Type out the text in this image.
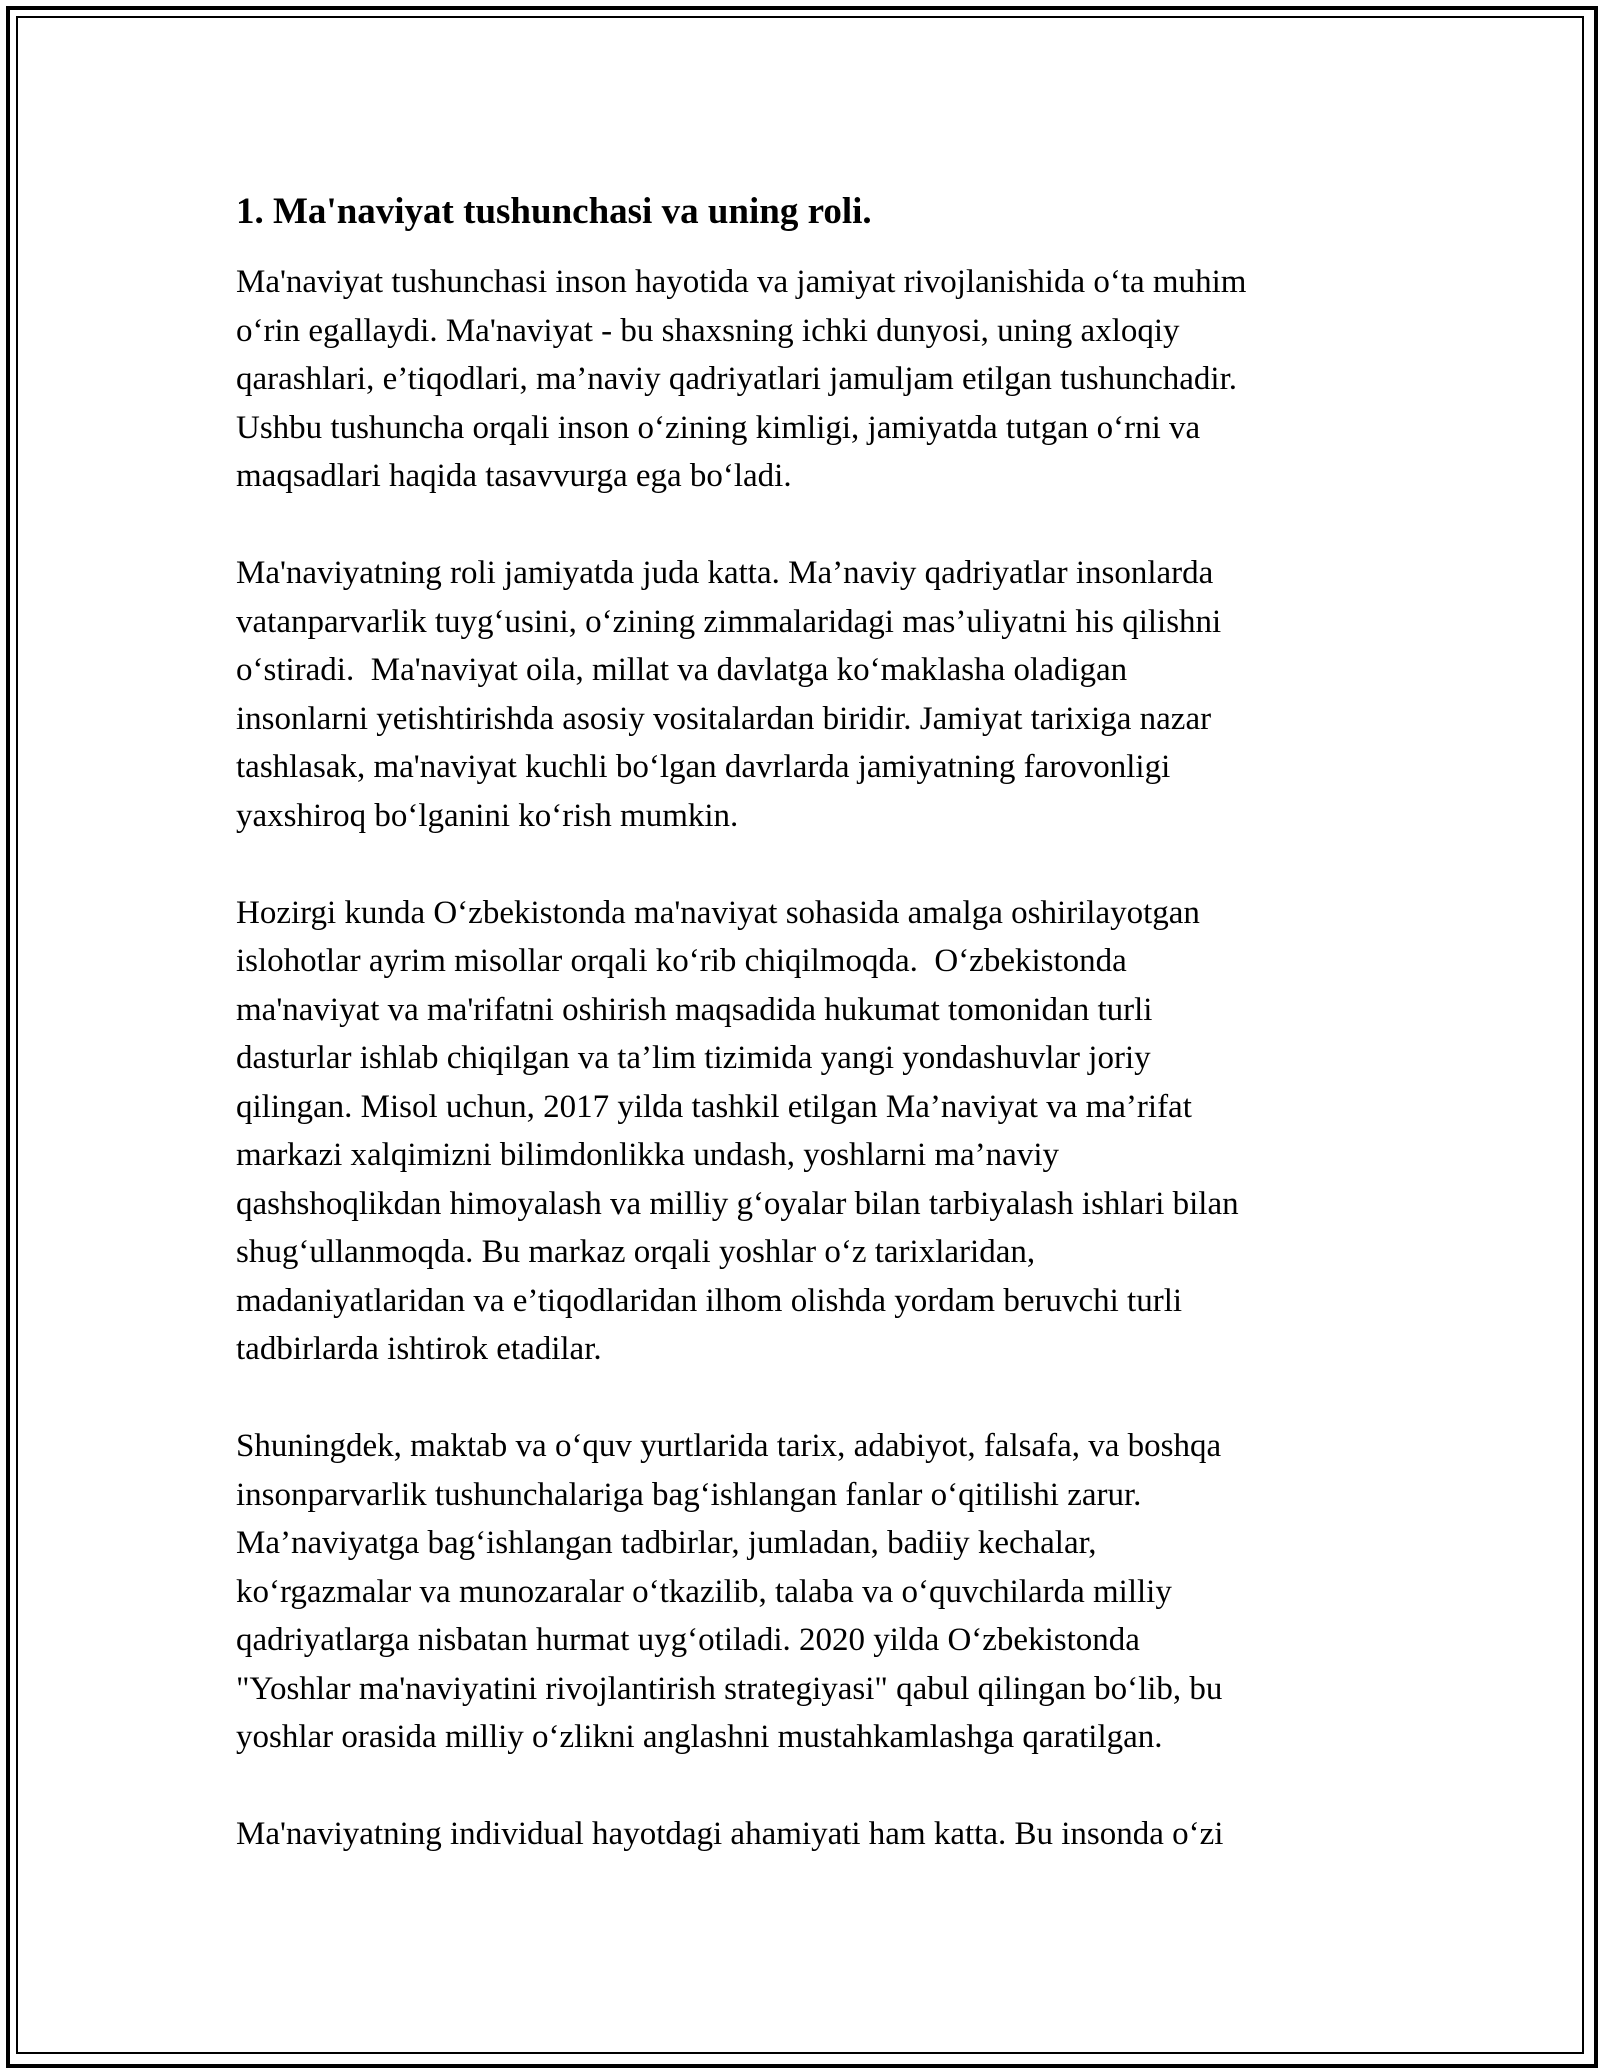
1. Ma'naviyat tushunchasi va uning roli.
Ma'naviyat tushunchasi inson hayotida va jamiyat rivojlanishida o‘ta muhim
o‘rin egallaydi. Ma'naviyat - bu shaxsning ichki dunyosi, uning axloqiy
qarashlari, e’tiqodlari, ma’naviy qadriyatlari jamuljam etilgan tushunchadir.
Ushbu tushuncha orqali inson o‘zining kimligi, jamiyatda tutgan o‘rni va
maqsadlari haqida tasavvurga ega bo‘ladi.
Ma'naviyatning roli jamiyatda juda katta. Ma’naviy qadriyatlar insonlarda
vatanparvarlik tuyg‘usini, o‘zining zimmalaridagi mas’uliyatni his qilishni
o‘stiradi.  Ma'naviyat oila, millat va davlatga ko‘maklasha oladigan
insonlarni yetishtirishda asosiy vositalardan biridir. Jamiyat tarixiga nazar
tashlasak, ma'naviyat kuchli bo‘lgan davrlarda jamiyatning farovonligi
yaxshiroq bo‘lganini ko‘rish mumkin.
Hozirgi kunda O‘zbekistonda ma'naviyat sohasida amalga oshirilayotgan
islohotlar ayrim misollar orqali ko‘rib chiqilmoqda.  O‘zbekistonda
ma'naviyat va ma'rifatni oshirish maqsadida hukumat tomonidan turli
dasturlar ishlab chiqilgan va ta’lim tizimida yangi yondashuvlar joriy
qilingan. Misol uchun, 2017 yilda tashkil etilgan Ma’naviyat va ma’rifat
markazi xalqimizni bilimdonlikka undash, yoshlarni ma’naviy
qashshoqlikdan himoyalash va milliy g‘oyalar bilan tarbiyalash ishlari bilan
shug‘ullanmoqda. Bu markaz orqali yoshlar o‘z tarixlaridan,
madaniyatlaridan va e’tiqodlaridan ilhom olishda yordam beruvchi turli
tadbirlarda ishtirok etadilar.
Shuningdek, maktab va o‘quv yurtlarida tarix, adabiyot, falsafa, va boshqa
insonparvarlik tushunchalariga bag‘ishlangan fanlar o‘qitilishi zarur.
Ma’naviyatga bag‘ishlangan tadbirlar, jumladan, badiiy kechalar,
ko‘rgazmalar va munozaralar o‘tkazilib, talaba va o‘quvchilarda milliy
qadriyatlarga nisbatan hurmat uyg‘otiladi. 2020 yilda O‘zbekistonda
"Yoshlar ma'naviyatini rivojlantirish strategiyasi" qabul qilingan bo‘lib, bu
yoshlar orasida milliy o‘zlikni anglashni mustahkamlashga qaratilgan.
Ma'naviyatning individual hayotdagi ahamiyati ham katta. Bu insonda o‘zi
